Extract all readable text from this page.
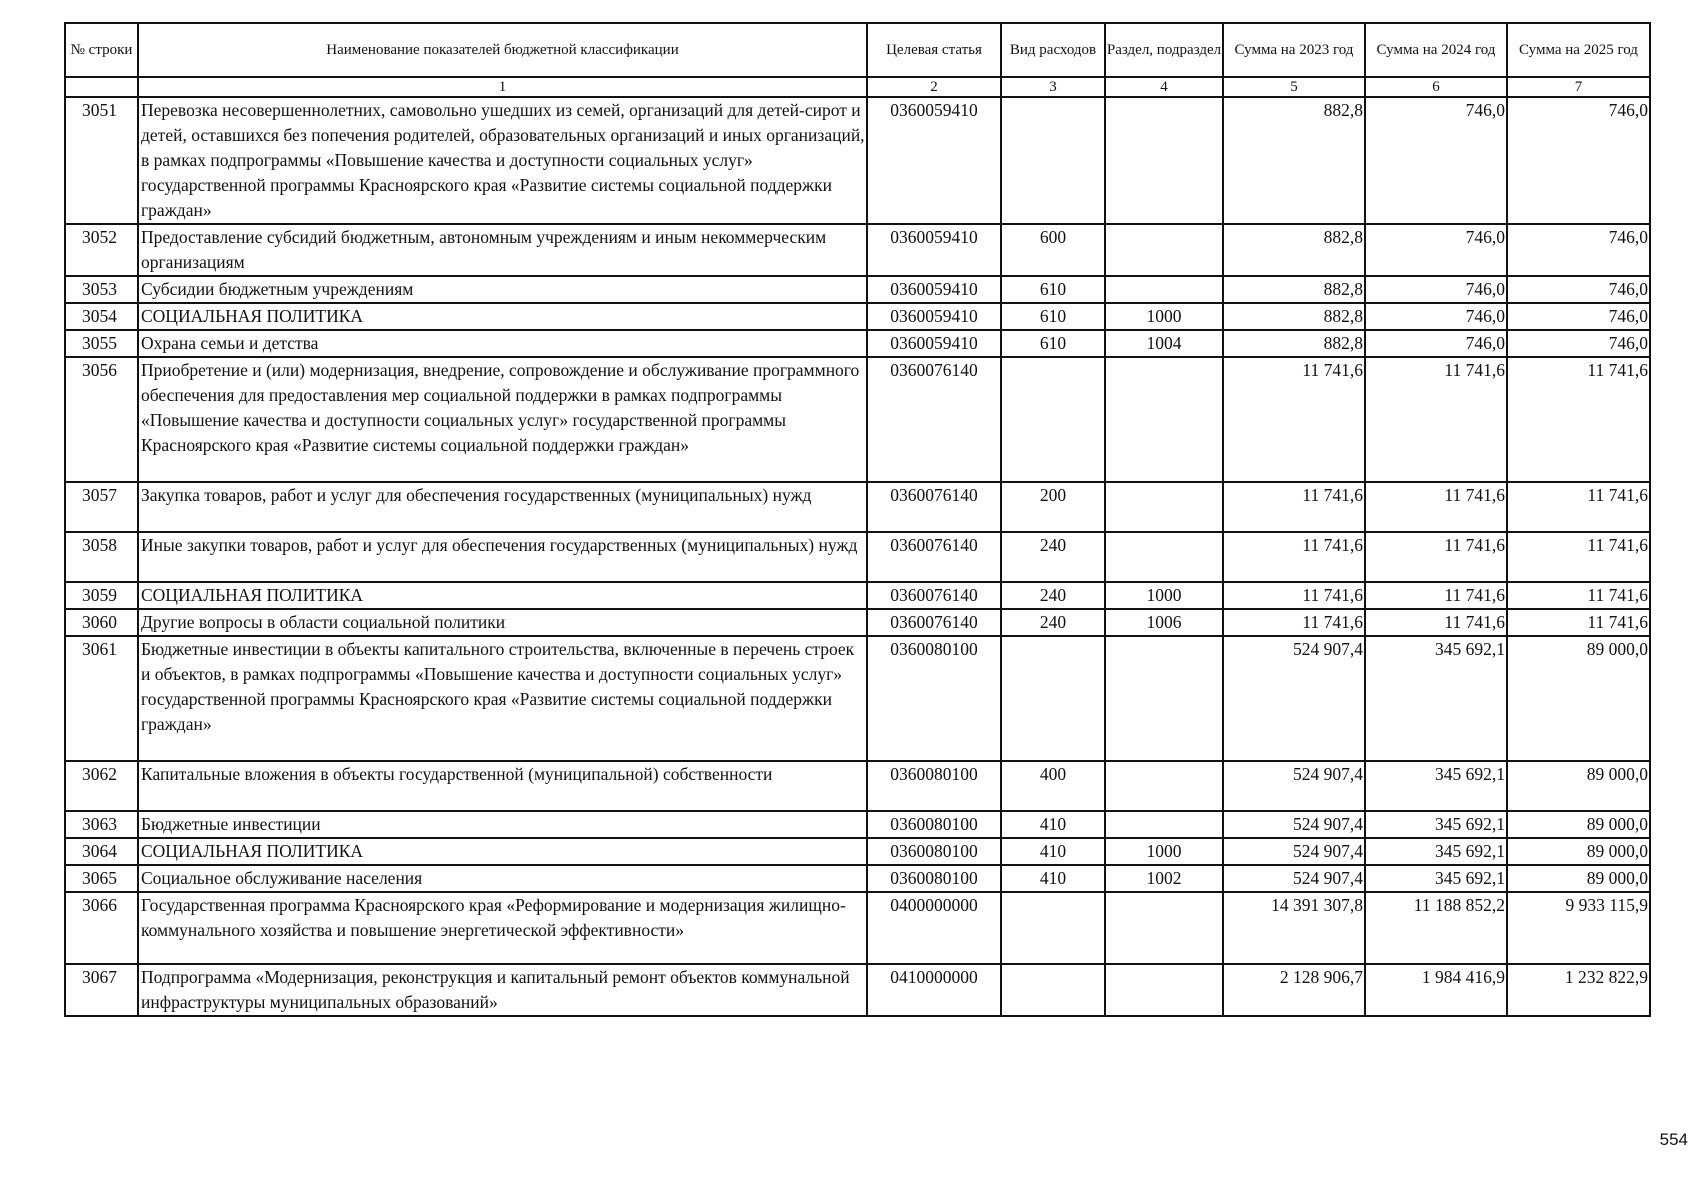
№ строки	Наименование показателей бюджетной классификации	Целевая статья	Вид расходов	Раздел, подраздел	Сумма на 2023 год	Сумма на 2024 год	Сумма на 2025 год
	1	2	3	4	5	6	7
3051	Перевозка несовершеннолетних, самовольно ушедших из семей, организаций для детей-сирот и детей, оставшихся без попечения родителей, образовательных организаций и иных организаций, в рамках подпрограммы «Повышение качества и доступности социальных услуг» государственной программы Красноярского края «Развитие системы социальной поддержки граждан»	0360059410			882,8	746,0	746,0
3052	Предоставление субсидий бюджетным, автономным учреждениям и иным некоммерческим организациям	0360059410	600		882,8	746,0	746,0
3053	Субсидии бюджетным учреждениям	0360059410	610		882,8	746,0	746,0
3054	СОЦИАЛЬНАЯ ПОЛИТИКА	0360059410	610	1000	882,8	746,0	746,0
3055	Охрана семьи и детства	0360059410	610	1004	882,8	746,0	746,0
3056	Приобретение и (или) модернизация, внедрение, сопровождение и обслуживание программного обеспечения для предоставления мер социальной поддержки в рамках подпрограммы «Повышение качества и доступности социальных услуг» государственной программы Красноярского края «Развитие системы социальной поддержки граждан»	0360076140			11 741,6	11 741,6	11 741,6
3057	Закупка товаров, работ и услуг для обеспечения государственных (муниципальных) нужд	0360076140	200		11 741,6	11 741,6	11 741,6
3058	Иные закупки товаров, работ и услуг для обеспечения государственных (муниципальных) нужд	0360076140	240		11 741,6	11 741,6	11 741,6
3059	СОЦИАЛЬНАЯ ПОЛИТИКА	0360076140	240	1000	11 741,6	11 741,6	11 741,6
3060	Другие вопросы в области социальной политики	0360076140	240	1006	11 741,6	11 741,6	11 741,6
3061	Бюджетные инвестиции в объекты капитального строительства, включенные в перечень строек и объектов, в рамках подпрограммы «Повышение качества и доступности социальных услуг» государственной программы Красноярского края «Развитие системы социальной поддержки граждан»	0360080100			524 907,4	345 692,1	89 000,0
3062	Капитальные вложения в объекты государственной (муниципальной) собственности	0360080100	400		524 907,4	345 692,1	89 000,0
3063	Бюджетные инвестиции	0360080100	410		524 907,4	345 692,1	89 000,0
3064	СОЦИАЛЬНАЯ ПОЛИТИКА	0360080100	410	1000	524 907,4	345 692,1	89 000,0
3065	Социальное обслуживание населения	0360080100	410	1002	524 907,4	345 692,1	89 000,0
3066	Государственная программа Красноярского края «Реформирование и модернизация жилищно-коммунального хозяйства и повышение энергетической эффективности»	0400000000			14 391 307,8	11 188 852,2	9 933 115,9
3067	Подпрограмма «Модернизация, реконструкция и капитальный ремонт объектов коммунальной инфраструктуры муниципальных образований»	0410000000			2 128 906,7	1 984 416,9	1 232 822,9
554
